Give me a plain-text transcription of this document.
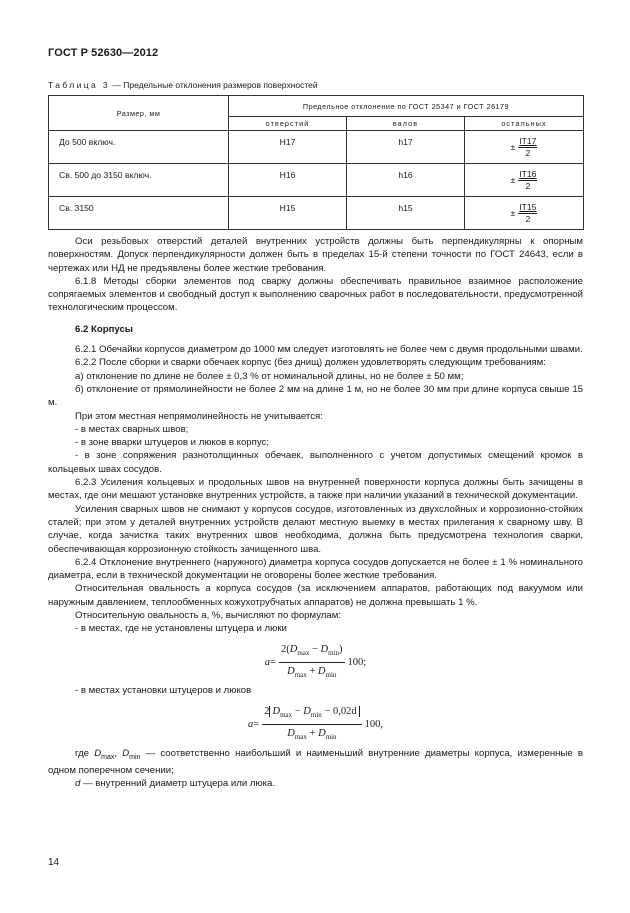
ГОСТ Р 52630—2012
Таблица 3 — Предельные отклонения размеров поверхностей
Размер, мм	Предельное отклонение по ГОСТ 25347 и ГОСТ 26179		
	отверстий	валов	остальных
До 500 включ.	H17	h17	± $\frac{IT17}{2}$

Св. 500 до 3150 включ.	H16	h16	± $\frac{IT16}{2}$

Св. 3150	H15	h15	± $\frac{IT15}{2}$

Оси резьбовых отверстий деталей внутренних устройств должны быть перпендикулярны к опорным поверхностям. Допуск перпендикулярности должен быть в пределах 15-й степени точности по ГОСТ 24643, если в чертежах или НД не предъявлены более жесткие требования.

6.1.8 Методы сборки элементов под сварку должны обеспечивать правильное взаимное расположение сопрягаемых элементов и свободный доступ к выполнению сварочных работ в последовательности, предусмотренной технологическим процессом.

6.2 Корпусы

6.2.1 Обечайки корпусов диаметром до 1000 мм следует изготовлять не более чем с двумя продольными швами.

6.2.2 После сборки и сварки обечаек корпус (без днищ) должен удовлетворять следующим требованиям:

а) отклонение по длине не более ± 0,3 % от номинальной длины, но не более ± 50 мм;

б) отклонение от прямолинейности не более 2 мм на длине 1 м, но не более 30 мм при длине корпуса свыше 15 м.

При этом местная непрямолинейность не учитывается:

- в местах сварных швов;

- в зоне вварки штуцеров и люков в корпус;

- в зоне сопряжения разнотолщинных обечаек, выполненного с учетом допустимых смещений кромок в кольцевых швах сосудов.

6.2.3 Усиления кольцевых и продольных швов на внутренней поверхности корпуса должны быть зачищены в местах, где они мешают установке внутренних устройств, а также при наличии указаний в технической документации.

Усиления сварных швов не снимают у корпусов сосудов, изготовленных из двухслойных и коррозионно-стойких сталей; при этом у деталей внутренних устройств делают местную выемку в местах прилегания к сварному шву. В случае, когда зачистка таких внутренних швов необходима, должна быть предусмотрена технология сварки, обеспечивающая коррозионную стойкость зачищенного шва.

6.2.4 Отклонение внутреннего (наружного) диаметра корпуса сосудов допускается не более ± 1 % номинального диаметра, если в технической документации не оговорены более жесткие требования.

Относительная овальность а корпуса сосудов (за исключением аппаратов, работающих под вакуумом или наружным давлением, теплообменных кожухотрубчатых аппаратов) не должна превышать 1 %.

Относительную овальность а, %, вычисляют по формулам:

- в местах, где не установлены штуцера и люки

a =
$2(D_{max} - D_{min})$
$D_{max} + D_{min}$
100;

- в местах установки штуцеров и люков

a =
2 $D_{max} - D_{min} - 0,02d$
$D_{max} + D_{min}$
100,

где $D_{max}$, $D_{min}$ — соответственно наибольший и наименьший внутренние диаметры корпуса, измеренные в одном поперечном сечении;

d — внутренний диаметр штуцера или люка.

14
